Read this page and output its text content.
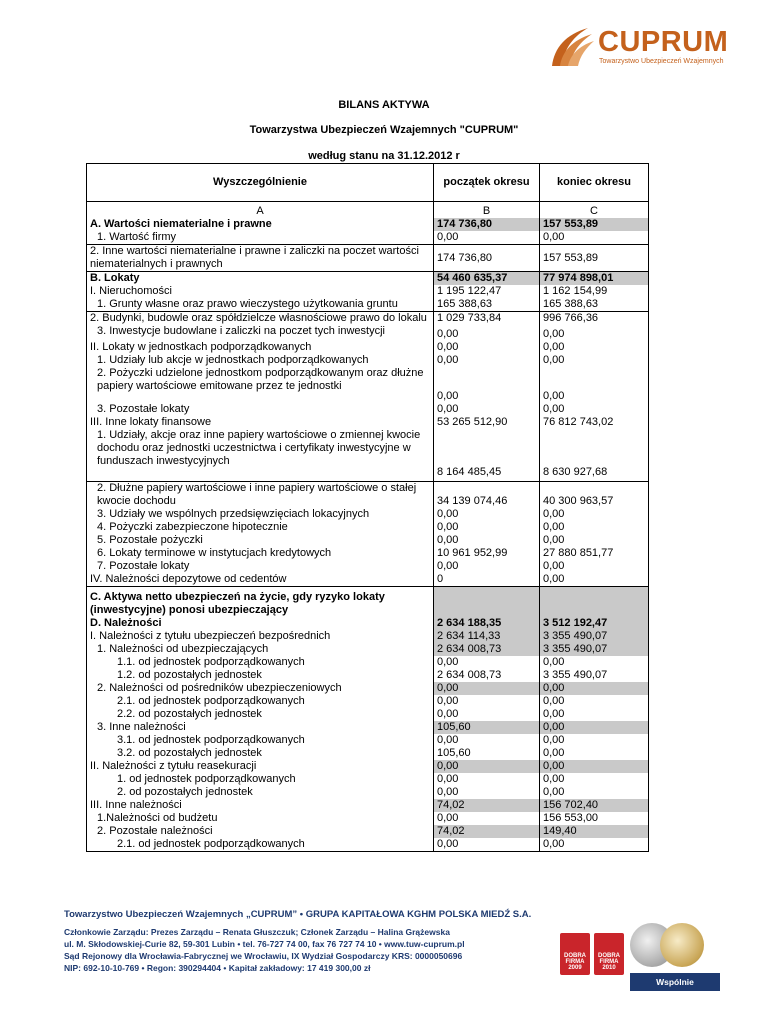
CUPRUM
Towarzystwo Ubezpieczeń Wzajemnych
BILANS AKTYWA
Towarzystwa Ubezpieczeń Wzajemnych "CUPRUM"
według stanu na 31.12.2012 r
Wyszczególnienie	początek okresu	koniec okresu
A	B	C
A. Wartości niematerialne i prawne	174 736,80	157 553,89
1. Wartość firmy	0,00	0,00
2. Inne wartości niematerialne i prawne i zaliczki na poczet wartości niematerialnych i prawnych	174 736,80	157 553,89
B. Lokaty	54 460 635,37	77 974 898,01
I. Nieruchomości	1 195 122,47	1 162 154,99
1. Grunty własne oraz prawo wieczystego użytkowania gruntu	165 388,63	165 388,63
2. Budynki, budowle oraz spółdzielcze własnościowe prawo do lokalu	1 029 733,84	996 766,36
3. Inwestycje budowlane i zaliczki na poczet tych inwestycji	0,00	0,00
II. Lokaty w jednostkach podporządkowanych	0,00	0,00
1. Udziały lub akcje w jednostkach podporządkowanych	0,00	0,00
2. Pożyczki udzielone jednostkom podporządkowanym oraz dłużne papiery wartościowe emitowane przez te jednostki	0,00	0,00
3. Pozostałe lokaty	0,00	0,00
III. Inne lokaty finansowe	53 265 512,90	76 812 743,02
1. Udziały, akcje oraz inne papiery wartościowe o zmiennej kwocie dochodu oraz jednostki uczestnictwa i certyfikaty inwestycyjne w funduszach inwestycyjnych	8 164 485,45	8 630 927,68
2. Dłużne papiery wartościowe i inne papiery wartościowe o stałej kwocie dochodu	34 139 074,46	40 300 963,57
3. Udziały we wspólnych przedsięwzięciach lokacyjnych	0,00	0,00
4. Pożyczki zabezpieczone hipotecznie	0,00	0,00
5. Pozostałe pożyczki	0,00	0,00
6. Lokaty terminowe w instytucjach kredytowych	10 961 952,99	27 880 851,77
7. Pozostałe lokaty	0,00	0,00
IV. Należności depozytowe od cedentów	0	0,00
C. Aktywa netto ubezpieczeń na życie, gdy ryzyko lokaty (inwestycyjne) ponosi ubezpieczający		
D. Należności	2 634 188,35	3 512 192,47
I. Należności z tytułu ubezpieczeń bezpośrednich	2 634 114,33	3 355 490,07
1. Należności od ubezpieczających	2 634 008,73	3 355 490,07
1.1. od jednostek podporządkowanych	0,00	0,00
1.2. od pozostałych jednostek	2 634 008,73	3 355 490,07
2. Należności od pośredników ubezpieczeniowych	0,00	0,00
2.1. od jednostek podporządkowanych	0,00	0,00
2.2. od pozostałych jednostek	0,00	0,00
3. Inne należności	105,60	0,00
3.1. od jednostek podporządkowanych	0,00	0,00
3.2. od pozostałych jednostek	105,60	0,00
II. Należności z tytułu reasekuracji	0,00	0,00
1. od jednostek podporządkowanych	0,00	0,00
2. od pozostałych jednostek	0,00	0,00
III. Inne należności	74,02	156 702,40
1.Należności od budżetu	0,00	156 553,00
2. Pozostałe należności	74,02	149,40
2.1. od jednostek podporządkowanych	0,00	0,00
Towarzystwo Ubezpieczeń Wzajemnych „CUPRUM” • GRUPA KAPITAŁOWA KGHM POLSKA MIEDŹ S.A.
Członkowie Zarządu: Prezes Zarządu – Renata Głuszczuk; Członek Zarządu – Halina Grążewska
ul. M. Skłodowskiej-Curie 82, 59-301 Lubin • tel. 76-727 74 00, fax 76 727 74 10 • www.tuw-cuprum.pl
Sąd Rejonowy dla Wrocławia-Fabrycznej we Wrocławiu, IX Wydział Gospodarczy KRS: 0000050696
NIP: 692-10-10-769 • Regon: 390294404 • Kapitał zakładowy: 17 419 300,00 zł
DOBRA FIRMA
2009
DOBRA FIRMA
2010
Wspólnie Bezpieczniej
